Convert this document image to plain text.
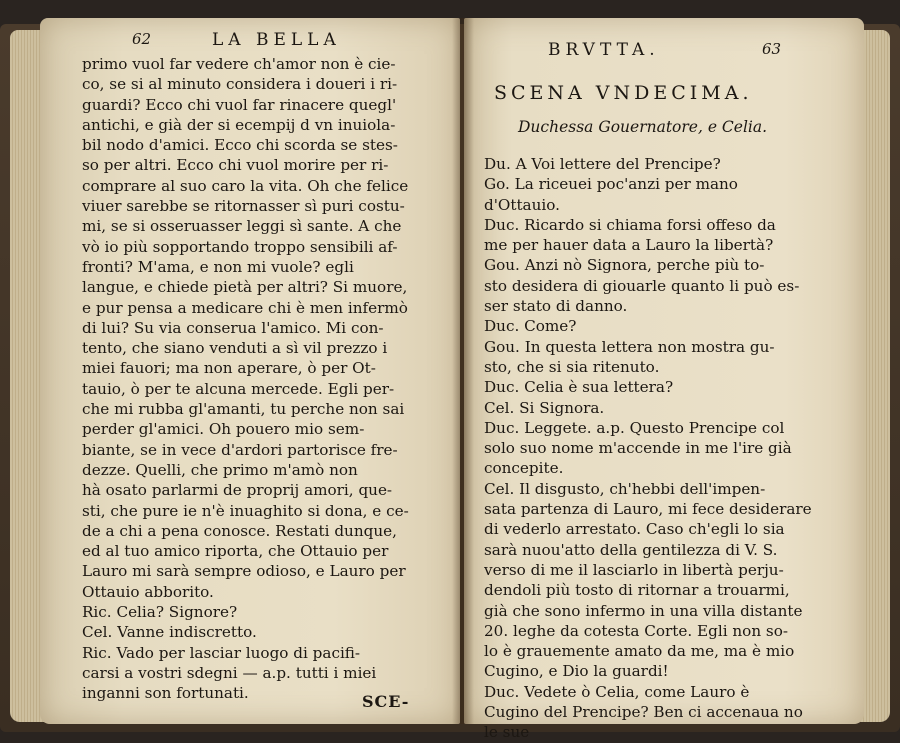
62	LA BELLA
primo vuol far vedere ch'amor non è cie-
co, se si al minuto considera i doueri i ri-
guardi? Ecco chi vuol far rinacere quegl'
antichi, e già der si ecempij d vn inuiola-
bil nodo d'amici. Ecco chi scorda se stes-
so per altri. Ecco chi vuol morire per ri-
comprare al suo caro la vita. Oh che felice
viuer sarebbe se ritornasser sì puri costu-
mi, se si osseruasser leggi sì sante. A che
vò io più sopportando troppo sensibili af-
fronti? M'ama, e non mi vuole? egli
langue, e chiede pietà per altri? Si muore,
e pur pensa a medicare chi è men infermò
di lui? Su via conserua l'amico. Mi con-
tento, che siano venduti a sì vil prezzo i
miei fauori; ma non aperare, ò per Ot-
tauio, ò per te alcuna mercede. Egli per-
che mi rubba gl'amanti, tu perche non sai
perder gl'amici. Oh pouero mio sem-
biante, se in vece d'ardori partorisce fre-
dezze. Quelli, che primo m'amò non
hà osato parlarmi de proprij amori, que-
sti, che pure ie n'è inuaghito si dona, e ce-
de a chi a pena conosce. Restati dunque,
ed al tuo amico riporta, che Ottauio per
Lauro mi sarà sempre odioso, e Lauro per
Ottauio abborito.
Ric. Celia? Signore?
Cel. Vanne indiscretto.
Ric. Vado per lasciar luogo di pacifi-
carsi a vostri sdegni — a.p. tutti i miei
inganni son fortunati.	SCE-
BRVTTA.	63
SCENA VNDECIMA.
Duchessa Gouernatore, e Celia.
Du. A Voi lettere del Prencipe?
Go. La riceuei poc'anzi per mano
d'Ottauio.
Duc. Ricardo si chiama forsi offeso da
me per hauer data a Lauro la libertà?
Gou. Anzi nò Signora, perche più to-
sto desidera di giouarle quanto li può es-
ser stato di danno.
Duc. Come?
Gou. In questa lettera non mostra gu-
sto, che si sia ritenuto.
Duc. Celia è sua lettera?
Cel. Si Signora.
Duc. Leggete. a.p. Questo Prencipe col
solo suo nome m'accende in me l'ire già
concepite.
Cel. Il disgusto, ch'hebbi dell'impen-
sata partenza di Lauro, mi fece desiderare
di vederlo arrestato. Caso ch'egli lo sia
sarà nuou'atto della gentilezza di V. S.
verso di me il lasciarlo in libertà perju-
dendoli più tosto di ritornar a trouarmi,
già che sono infermo in una villa distante
20. leghe da cotesta Corte. Egli non so-
lo è grauemente amato da me, ma è mio
Cugino, e Dio la guardi!
Duc. Vedete ò Celia, come Lauro è
Cugino del Prencipe? Ben ci accenaua no
le sue
